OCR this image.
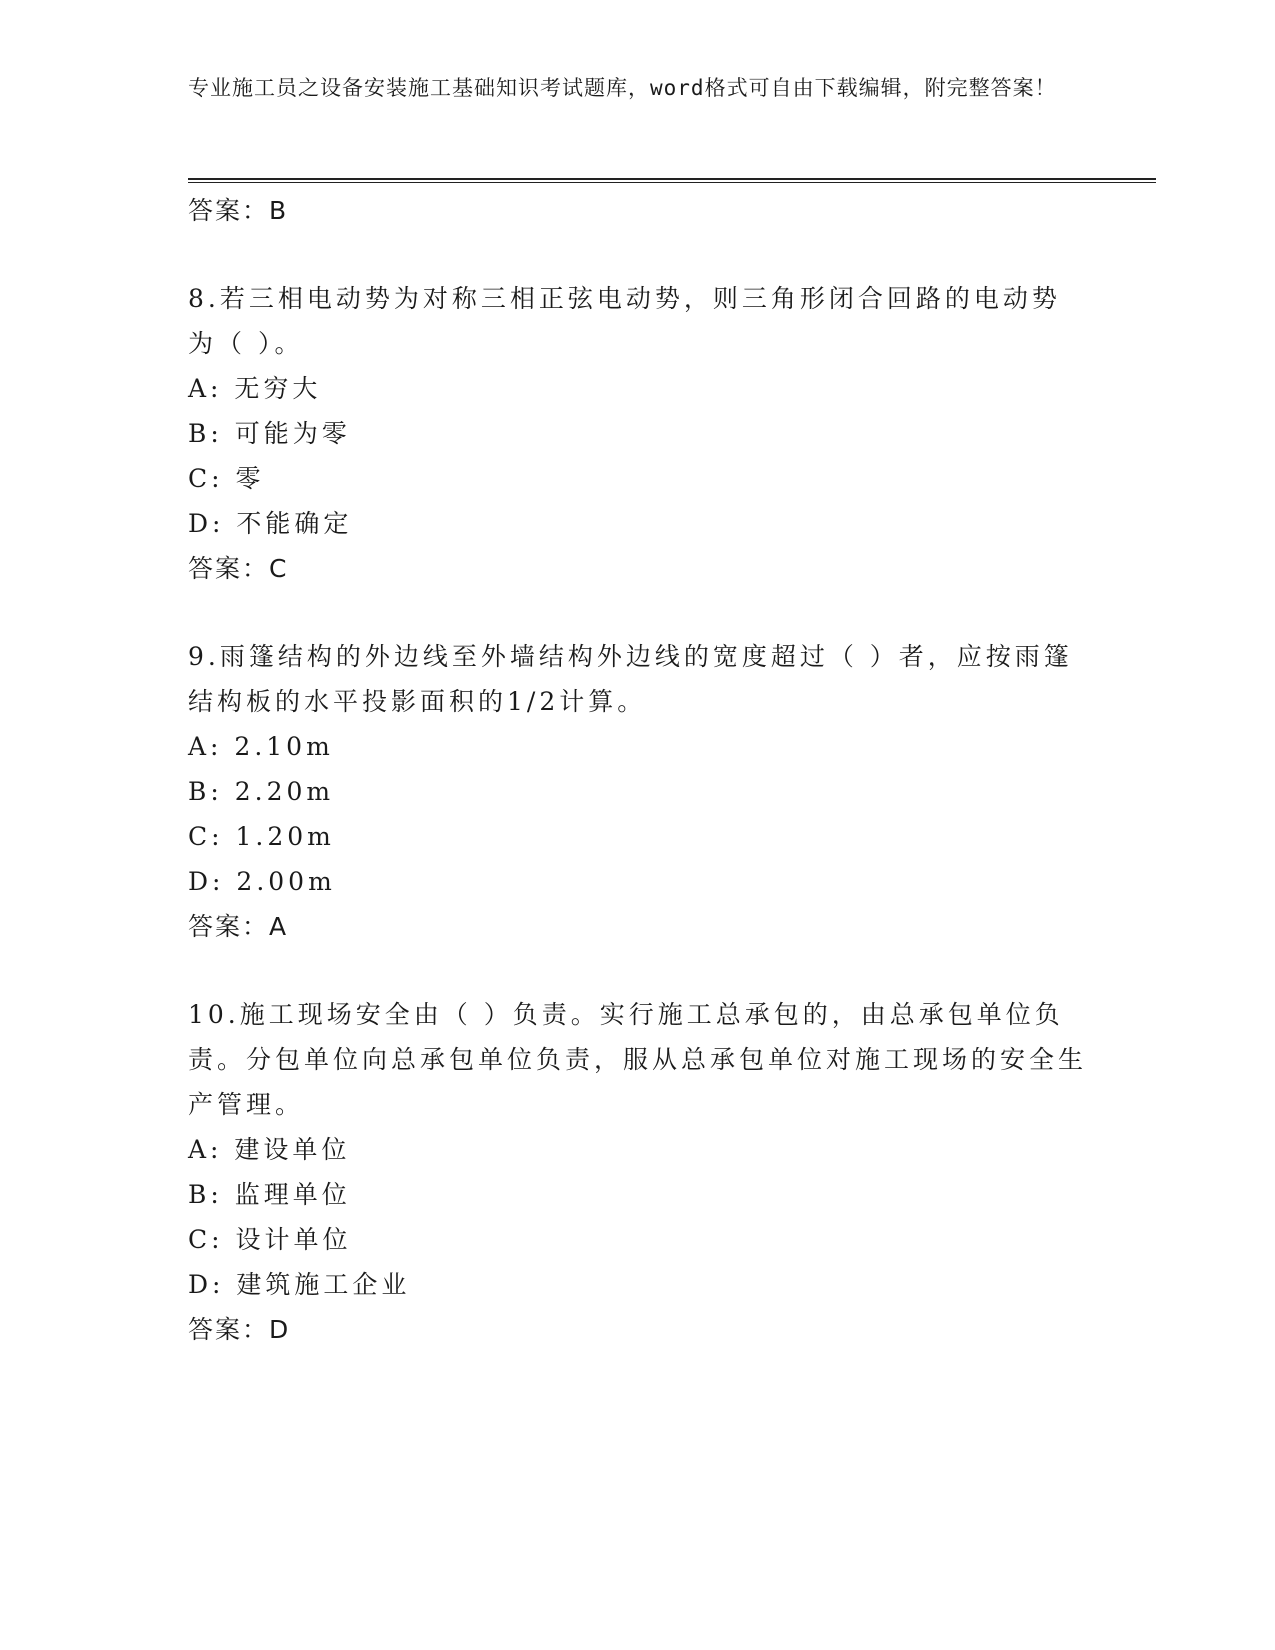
专业施工员之设备安装施工基础知识考试题库，word格式可自由下载编辑，附完整答案！
答案：B
8.若三相电动势为对称三相正弦电动势，则三角形闭合回路的电动势为（ ）。
A: 无穷大
B: 可能为零
C: 零
D: 不能确定
答案：C
9.雨篷结构的外边线至外墙结构外边线的宽度超过（ ）者，应按雨篷结构板的水平投影面积的1/2计算。
A: 2.10m
B: 2.20m
C: 1.20m
D: 2.00m
答案：A
10.施工现场安全由（ ）负责。实行施工总承包的，由总承包单位负责。分包单位向总承包单位负责，服从总承包单位对施工现场的安全生产管理。
A: 建设单位
B: 监理单位
C: 设计单位
D: 建筑施工企业
答案：D
